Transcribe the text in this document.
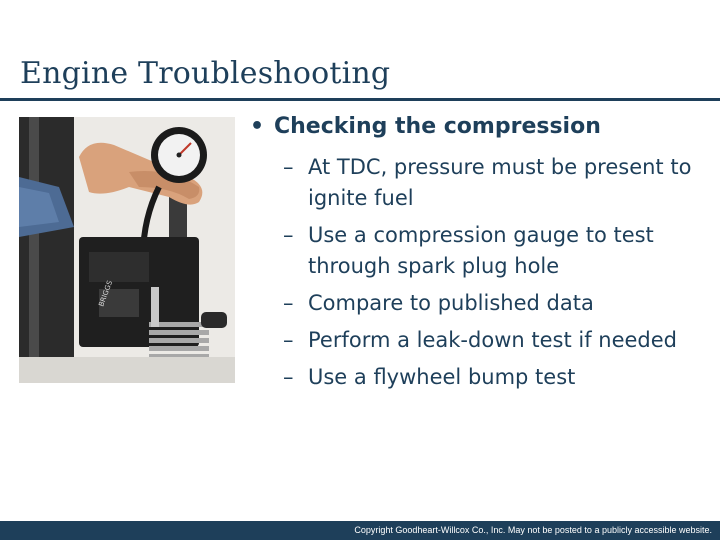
Engine Troubleshooting
BRIGGS
• Checking the compression
– At TDC, pressure must be present to ignite fuel
– Use a compression gauge to test through spark plug hole
– Compare to published data
– Perform a leak-down test if needed
– Use a flywheel bump test
Copyright Goodheart-Willcox Co., Inc. May not be posted to a publicly accessible website.
